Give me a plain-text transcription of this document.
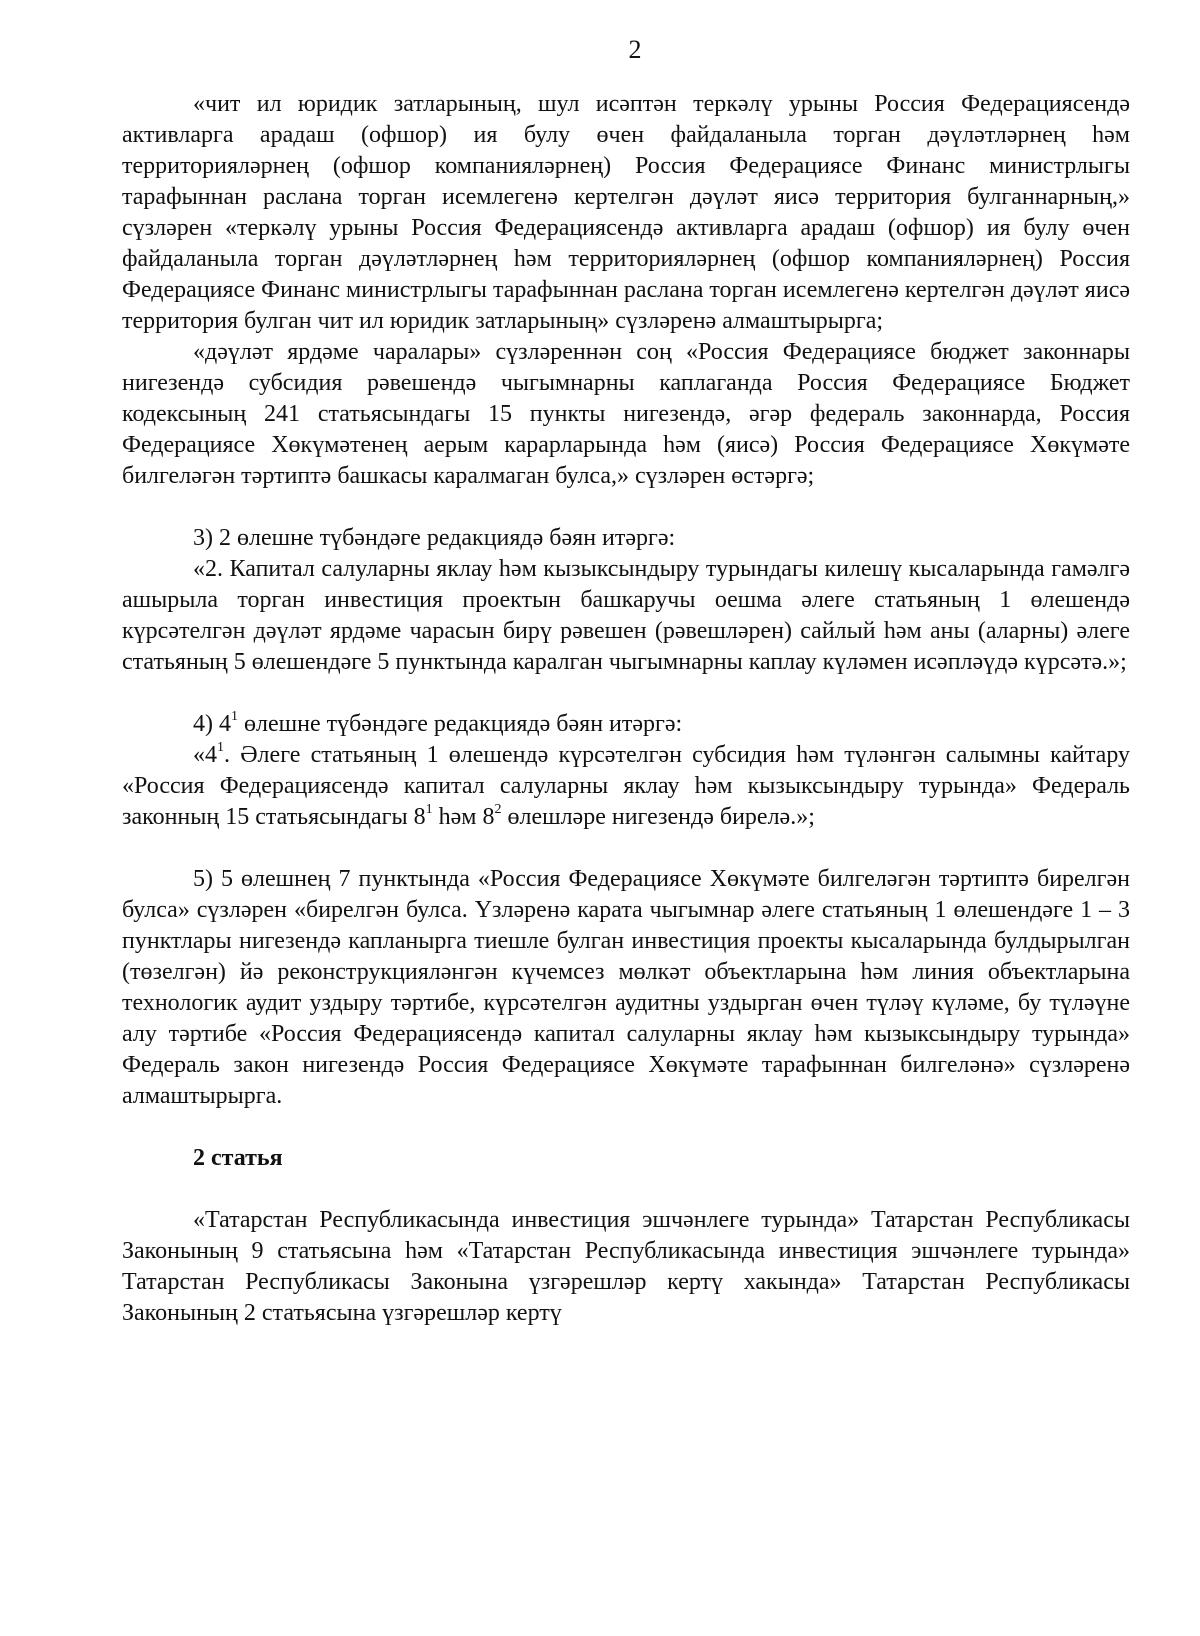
2

«чит ил юридик затларының, шул исәптән теркәлү урыны Россия Федерациясендә активларга арадаш (офшор) ия булу өчен файдаланыла торган дәүләтләрнең һәм территорияләрнең (офшор компанияләрнең) Россия Федерациясе Финанс министрлыгы тарафыннан раслана торган исемлегенә кертелгән дәүләт яисә территория булганнарның,» сүзләрен «теркәлү урыны Россия Федерациясендә активларга арадаш (офшор) ия булу өчен файдаланыла торган дәүләтләрнең һәм территорияләрнең (офшор компанияләрнең) Россия Федерациясе Финанс министрлыгы тарафыннан раслана торган исемлегенә кертелгән дәүләт яисә территория булган чит ил юридик затларының» сүзләренә алмаштырырга;

«дәүләт ярдәме чаралары» сүзләреннән соң «Россия Федерациясе бюджет законнары нигезендә субсидия рәвешендә чыгымнарны каплаганда Россия Федерациясе Бюджет кодексының 241 статьясындагы 15 пункты нигезендә, әгәр федераль законнарда, Россия Федерациясе Хөкүмәтенең аерым карарларында һәм (яисә) Россия Федерациясе Хөкүмәте билгеләгән тәртиптә башкасы каралмаган булса,» сүзләрен өстәргә;

3) 2 өлешне түбәндәге редакциядә бәян итәргә:

«2. Капитал салуларны яклау һәм кызыксындыру турындагы килешү кысаларында гамәлгә ашырыла торган инвестиция проектын башкаручы оешма әлеге статьяның 1 өлешендә күрсәтелгән дәүләт ярдәме чарасын бирү рәвешен (рәвешләрен) сайлый һәм аны (аларны) әлеге статьяның 5 өлешендәге 5 пунктында каралган чыгымнарны каплау күләмен исәпләүдә күрсәтә.»;

4) $4^1$ өлешне түбәндәге редакциядә бәян итәргә:

«$4^1$. Әлеге статьяның 1 өлешендә күрсәтелгән субсидия һәм түләнгән салымны кайтару «Россия Федерациясендә капитал салуларны яклау һәм кызыксындыру турында» Федераль законның 15 статьясындагы $8^1$ һәм $8^2$ өлешләре нигезендә бирелә.»;

5) 5 өлешнең 7 пунктында «Россия Федерациясе Хөкүмәте билгеләгән тәртиптә бирелгән булса» сүзләрен «бирелгән булса. Үзләренә карата чыгымнар әлеге статьяның 1 өлешендәге 1 – 3 пунктлары нигезендә капланырга тиешле булган инвестиция проекты кысаларында булдырылган (төзелгән) йә реконструкцияләнгән күчемсез мөлкәт объектларына һәм линия объектларына технологик аудит уздыру тәртибе, күрсәтелгән аудитны уздырган өчен түләү күләме, бу түләүне алу тәртибе «Россия Федерациясендә капитал салуларны яклау һәм кызыксындыру турында» Федераль закон нигезендә Россия Федерациясе Хөкүмәте тарафыннан билгеләнә» сүзләренә алмаштырырга.

2 статья

«Татарстан Республикасында инвестиция эшчәнлеге турында» Татарстан Республикасы Законының 9 статьясына һәм «Татарстан Республикасында инвестиция эшчәнлеге турында» Татарстан Республикасы Законына үзгәрешләр кертү хакында» Татарстан Республикасы Законының 2 статьясына үзгәрешләр кертү
